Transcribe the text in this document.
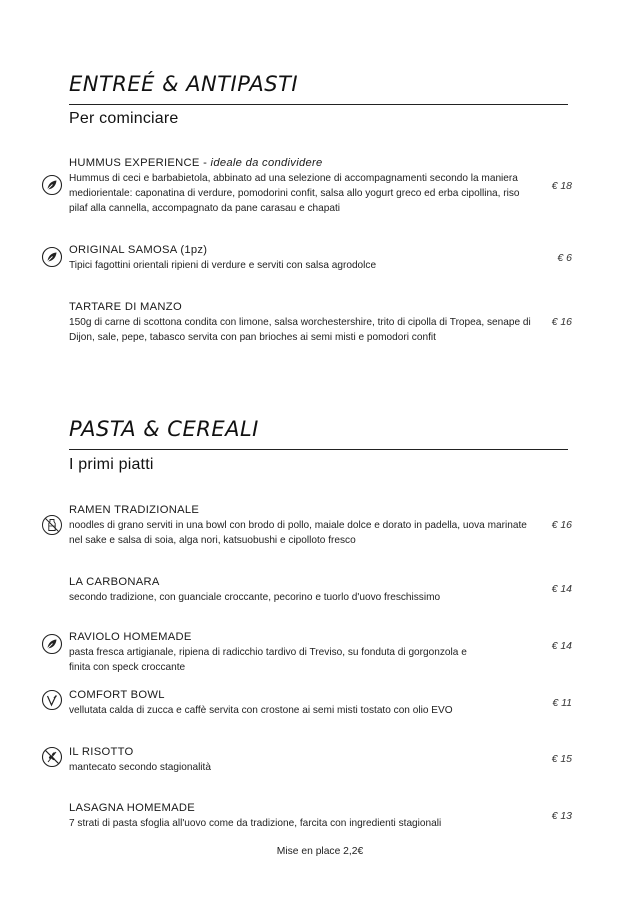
ENTREÉ & ANTIPASTI
Per cominciare
HUMMUS EXPERIENCE - ideale da condividere
Hummus di ceci e barbabietola, abbinato ad una selezione di accompagnamenti secondo la maniera mediorientale: caponatina di verdure, pomodorini confit, salsa allo yogurt greco ed erba cipollina, riso pilaf alla cannella, accompagnato da pane carasau e chapati
€ 18
ORIGINAL SAMOSA (1pz)
Tipici fagottini orientali ripieni di verdure e serviti con salsa agrodolce
€ 6
TARTARE DI MANZO
150g di carne di scottona condita con limone, salsa worchestershire, trito di cipolla di Tropea, senape di Dijon, sale, pepe, tabasco servita con pan brioches ai semi misti e pomodori confit
€ 16
PASTA & CEREALI
I primi piatti
RAMEN TRADIZIONALE
noodles di grano serviti in una bowl con brodo di pollo, maiale dolce e dorato in padella, uova marinate nel sake e salsa di soia, alga nori, katsuobushi e cipolloto fresco
€ 16
LA CARBONARA
secondo tradizione, con guanciale croccante, pecorino e tuorlo d'uovo freschissimo
€ 14
RAVIOLO HOMEMADE
pasta fresca artigianale, ripiena di radicchio tardivo di Treviso, su fonduta di gorgonzola e finita con speck croccante
€ 14
COMFORT BOWL
vellutata calda di zucca e caffè servita con crostone ai semi misti tostato con olio EVO
€ 11
IL RISOTTO
mantecato secondo stagionalità
€ 15
LASAGNA HOMEMADE
7 strati di pasta sfoglia all'uovo come da tradizione, farcita con ingredienti stagionali
€ 13
Mise en place 2,2€
